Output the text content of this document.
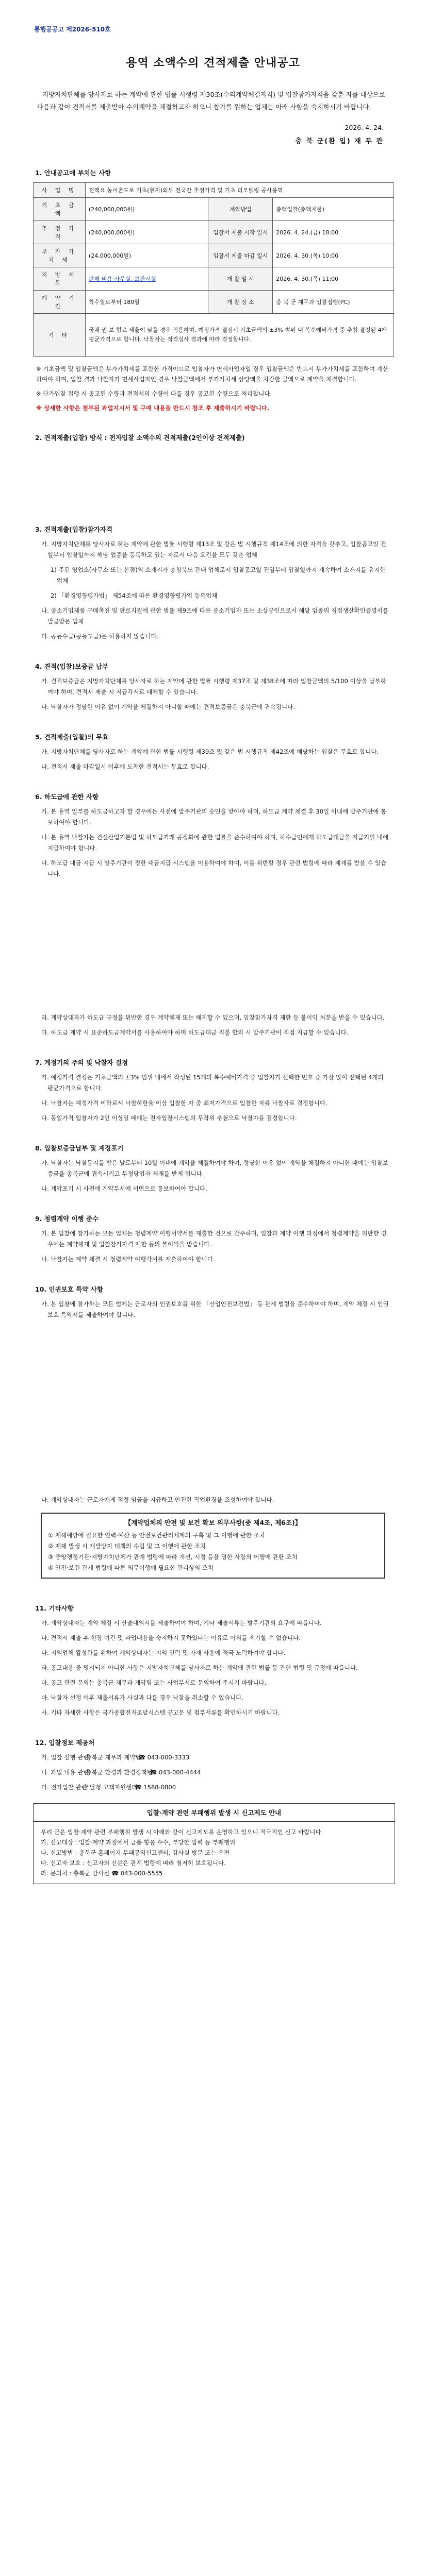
통행공공고 제2026-510호
용역 소액수의 견적제출 안내공고
지방자치단체를 당사자로 하는 계약에 관한 법률 시행령 제30조(수의계약체결자격) 및 입찰참가자격을 갖춘 자를 대상으로 다음과 같이 견적서를 제출받아 수의계약을 체결하고자 하오니 참가를 원하는 업체는 아래 사항을 숙지하시기 바랍니다.
2026. 4. 24.
충 북 군(환 입) 재 무 관
1. 안내공고에 부치는 사항
사 업 명	전액요 농어촌도로 기초(현지)외부 전국간 추정가격 및 기초 리모델링 공사용역		
기 초 금 액	(240,000,000원)	계약방법	총액입찰(총액제한)
추 정 가 격	(240,000,000원)	입찰서 제출 시작 일시	2026. 4. 24.(금) 18:00
부 가 가 치 세	(24,000,000원)	입찰서 제출 마감 일시	2026. 4. 30.(목) 10:00
지 방 세 목	판매·비용·사무실, 보관시설	개 찰 일 시	2026. 4. 30.(목) 11:00
계 약 기 간	착수일로부터 180일	개 찰 장 소	충 북 군 재무과 입찰집행(PC)
기 타	국채 권 보 험료 세율이 낮을 경우 적용하며, 예정가격 결정시 기초금액의 ±3% 범위 내 복수예비가격 중 추첨 결정된 4개 평균가격으로 합니다. 낙찰자는 적격심사 결과에 따라 결정합니다.		
※ 기초금액 및 입찰금액은 부가가치세를 포함한 가격이므로 입찰자가 면세사업자일 경우 입찰금액은 반드시 부가가치세를 포함하여 계산하여야 하며, 입찰 결과 낙찰자가 면세사업자인 경우 낙찰금액에서 부가가치세 상당액을 차감한 금액으로 계약을 체결합니다.
※ 단가입찰 집행 시 공고된 수량과 견적서의 수량이 다를 경우 공고된 수량으로 처리합니다.
※ 상세한 사항은 첨부된 과업지시서 및 구매 내용을 반드시 참조 후 제출하시기 바랍니다.
2. 견적제출(입찰) 방식 : 전자입찰 소액수의 견적제출(2인이상 견적제출)
3. 견적제출(입찰)참가자격
가. 지방자치단체를 당사자로 하는 계약에 관한 법률 시행령 제13조 및 같은 법 시행규칙 제14조에 의한 자격을 갖추고, 입찰공고일 전일부터 입찰일까지 해당 업종을 등록하고 있는 자로서 다음 요건을 모두 갖춘 업체
1) 주된 영업소(사무소 또는 본점)의 소재지가 충청북도 관내 업체로서 입찰공고일 전일부터 입찰일까지 계속하여 소재지를 유지한 업체
2) 「환경영향평가법」 제54조에 따른 환경영향평가업 등록업체
나. 중소기업제품 구매촉진 및 판로지원에 관한 법률 제9조에 따른 중소기업자 또는 소상공인으로서 해당 업종의 직접생산확인증명서를 발급받은 업체
다. 공동수급(공동도급)은 허용하지 않습니다.
4. 견적(입찰)보증금 납부
가. 견적보증금은 지방자치단체를 당사자로 하는 계약에 관한 법률 시행령 제37조 및 제38조에 따라 입찰금액의 5/100 이상을 납부하여야 하며, 견적서 제출 시 지급각서로 대체할 수 있습니다.
나. 낙찰자가 정당한 이유 없이 계약을 체결하지 아니할 때에는 견적보증금은 충북군에 귀속됩니다.
5. 견적제출(입찰)의 무효
가. 지방자치단체를 당사자로 하는 계약에 관한 법률 시행령 제39조 및 같은 법 시행규칙 제42조에 해당하는 입찰은 무효로 합니다.
나. 견적서 제출 마감일시 이후에 도착한 견적서는 무효로 합니다.
6. 하도급에 관한 사항
가. 본 용역 일부를 하도급하고자 할 경우에는 사전에 발주기관의 승인을 받아야 하며, 하도급 계약 체결 후 30일 이내에 발주기관에 통보하여야 합니다.
나. 본 용역 낙찰자는 건설산업기본법 및 하도급거래 공정화에 관한 법률을 준수하여야 하며, 하수급인에게 하도급대금을 지급기일 내에 지급하여야 합니다.
다. 하도급 대금 지급 시 발주기관이 정한 대금지급 시스템을 이용하여야 하며, 이를 위반할 경우 관련 법령에 따라 제재를 받을 수 있습니다.
라. 계약상대자가 하도급 규정을 위반한 경우 계약해제 또는 해지할 수 있으며, 입찰참가자격 제한 등 불이익 처분을 받을 수 있습니다.
마. 하도급 계약 시 표준하도급계약서를 사용하여야 하며 하도급대금 직불 합의 시 발주기관이 직접 지급할 수 있습니다.
7. 계정기의 주의 및 낙찰자 결정
가. 예정가격 결정은 기초금액의 ±3% 범위 내에서 작성된 15개의 복수예비가격 중 입찰자가 선택한 번호 중 가장 많이 선택된 4개의 평균가격으로 합니다.
나. 낙찰자는 예정가격 이하로서 낙찰하한율 이상 입찰한 자 중 최저가격으로 입찰한 자를 낙찰자로 결정합니다.
다. 동일가격 입찰자가 2인 이상일 때에는 전자입찰시스템의 무작위 추첨으로 낙찰자를 결정합니다.
8. 입찰보증금납부 및 계정포기
가. 낙찰자는 낙찰통지를 받은 날로부터 10일 이내에 계약을 체결하여야 하며, 정당한 이유 없이 계약을 체결하지 아니한 때에는 입찰보증금을 충북군에 귀속시키고 부정당업자 제재를 받게 됩니다.
나. 계약포기 시 사전에 계약부서에 서면으로 통보하여야 합니다.
9. 청렴계약 이행 준수
가. 본 입찰에 참가하는 모든 업체는 청렴계약 이행서약서를 제출한 것으로 간주하며, 입찰과 계약 이행 과정에서 청렴계약을 위반한 경우에는 계약해제 및 입찰참가자격 제한 등의 불이익을 받습니다.
나. 낙찰자는 계약 체결 시 청렴계약 이행각서를 제출하여야 합니다.
10. 인권보호 특약 사항
가. 본 입찰에 참가하는 모든 업체는 근로자의 인권보호를 위한 「산업안전보건법」 등 관계 법령을 준수하여야 하며, 계약 체결 시 인권보호 특약서를 제출하여야 합니다.
나. 계약상대자는 근로자에게 적정 임금을 지급하고 안전한 작업환경을 조성하여야 합니다.
【계약업체의 안전 및 보건 확보 의무사항(중 제4조, 제6조)】
① 재해예방에 필요한 인력·예산 등 안전보건관리체계의 구축 및 그 이행에 관한 조치
② 재해 발생 시 재발방지 대책의 수립 및 그 이행에 관한 조치
③ 중앙행정기관·지방자치단체가 관계 법령에 따라 개선, 시정 등을 명한 사항의 이행에 관한 조치
④ 안전·보건 관계 법령에 따른 의무이행에 필요한 관리상의 조치
11. 기타사항
가. 계약상대자는 계약 체결 시 산출내역서를 제출하여야 하며, 기타 제출서류는 발주기관의 요구에 따릅니다.
나. 견적서 제출 후 현장 여건 및 과업내용을 숙지하지 못하였다는 이유로 이의를 제기할 수 없습니다.
다. 지역업체 활성화를 위하여 계약상대자는 지역 인력 및 자재 사용에 적극 노력하여야 합니다.
라. 공고내용 중 명시되지 아니한 사항은 지방자치단체를 당사자로 하는 계약에 관한 법률 등 관련 법령 및 규정에 따릅니다.
마. 공고 관련 문의는 충북군 재무과 계약팀 또는 사업부서로 문의하여 주시기 바랍니다.
바. 낙찰자 선정 이후 제출서류가 사실과 다를 경우 낙찰을 취소할 수 있습니다.
사. 기타 자세한 사항은 국가종합전자조달시스템 공고문 및 첨부서류를 확인하시기 바랍니다.
12. 입찰정보 제공처
가. 입찰 진행 관련
충북군 재무과 계약팀
☎ 043-000-3333
나. 과업 내용 관련
충북군 환경과 환경정책팀
☎ 043-000-4444
다. 전자입찰 관련
조달청 고객지원센터
☎ 1588-0800
입찰·계약 관련 부패행위 발생 시 신고제도 안내
우리 군은 입찰·계약 관련 부패행위 발생 시 아래와 같이 신고제도를 운영하고 있으니 적극적인 신고 바랍니다.
가. 신고대상 : 입찰·계약 과정에서 금품·향응 수수, 부당한 압력 등 부패행위
나. 신고방법 : 충북군 홈페이지 부패공익신고센터, 감사실 방문 또는 우편
다. 신고자 보호 : 신고자의 신분은 관계 법령에 따라 철저히 보호됩니다.
라. 문의처 : 충북군 감사실 ☎ 043-000-5555
